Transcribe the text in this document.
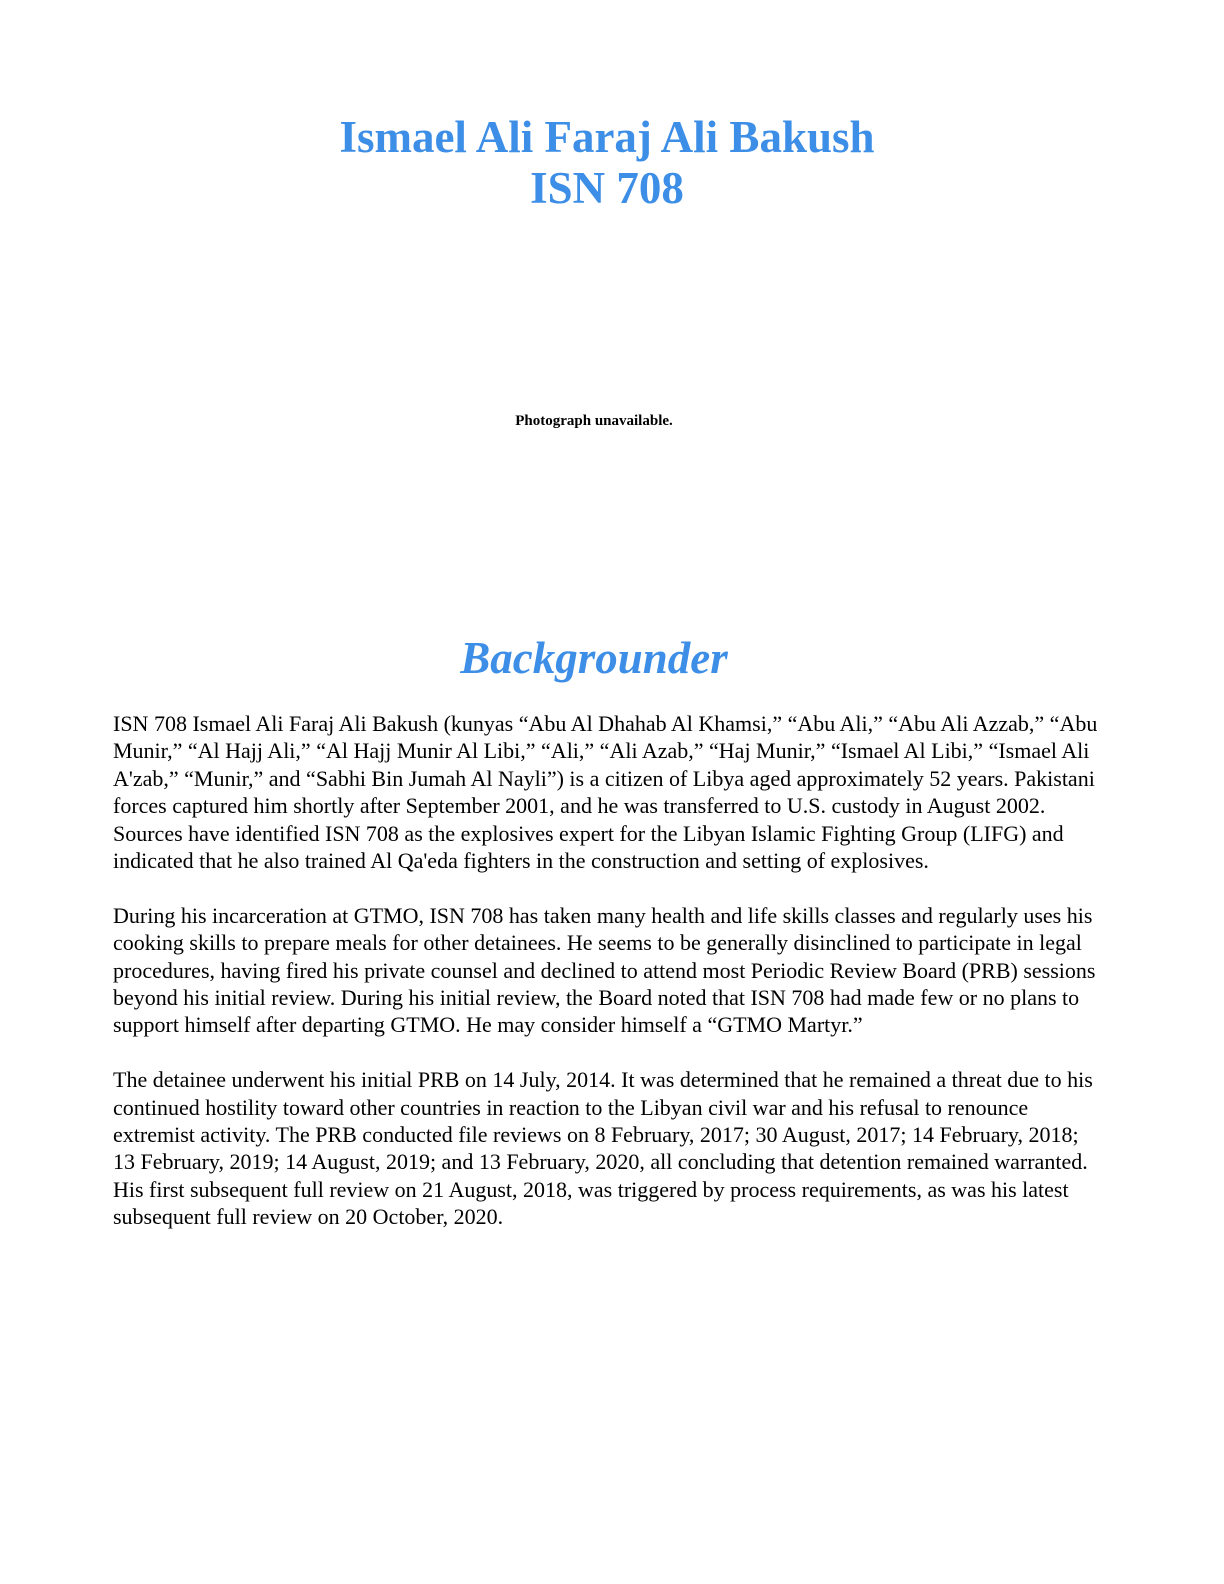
Ismael Ali Faraj Ali Bakush
ISN 708
Photograph unavailable.
Backgrounder

ISN 708 Ismael Ali Faraj Ali Bakush (kunyas “Abu Al Dhahab Al Khamsi,” “Abu Ali,” “Abu Ali Azzab,” “Abu Munir,” “Al Hajj Ali,” “Al Hajj Munir Al Libi,” “Ali,” “Ali Azab,” “Haj Munir,” “Ismael Al Libi,” “Ismael Ali A'zab,” “Munir,” and “Sabhi Bin Jumah Al Nayli”) is a citizen of Libya aged approximately 52 years. Pakistani forces captured him shortly after September 2001, and he was transferred to U.S. custody in August 2002. Sources have identified ISN 708 as the explosives expert for the Libyan Islamic Fighting Group (LIFG) and indicated that he also trained Al Qa'eda fighters in the construction and setting of explosives.

During his incarceration at GTMO, ISN 708 has taken many health and life skills classes and regularly uses his cooking skills to prepare meals for other detainees. He seems to be generally disinclined to participate in legal procedures, having fired his private counsel and declined to attend most Periodic Review Board (PRB) sessions beyond his initial review. During his initial review, the Board noted that ISN 708 had made few or no plans to support himself after departing GTMO. He may consider himself a “GTMO Martyr.”

The detainee underwent his initial PRB on 14 July, 2014. It was determined that he remained a threat due to his continued hostility toward other countries in reaction to the Libyan civil war and his refusal to renounce extremist activity. The PRB conducted file reviews on 8 February, 2017; 30 August, 2017; 14 February, 2018; 13 February, 2019; 14 August, 2019; and 13 February, 2020, all concluding that detention remained warranted. His first subsequent full review on 21 August, 2018, was triggered by process requirements, as was his latest subsequent full review on 20 October, 2020.
